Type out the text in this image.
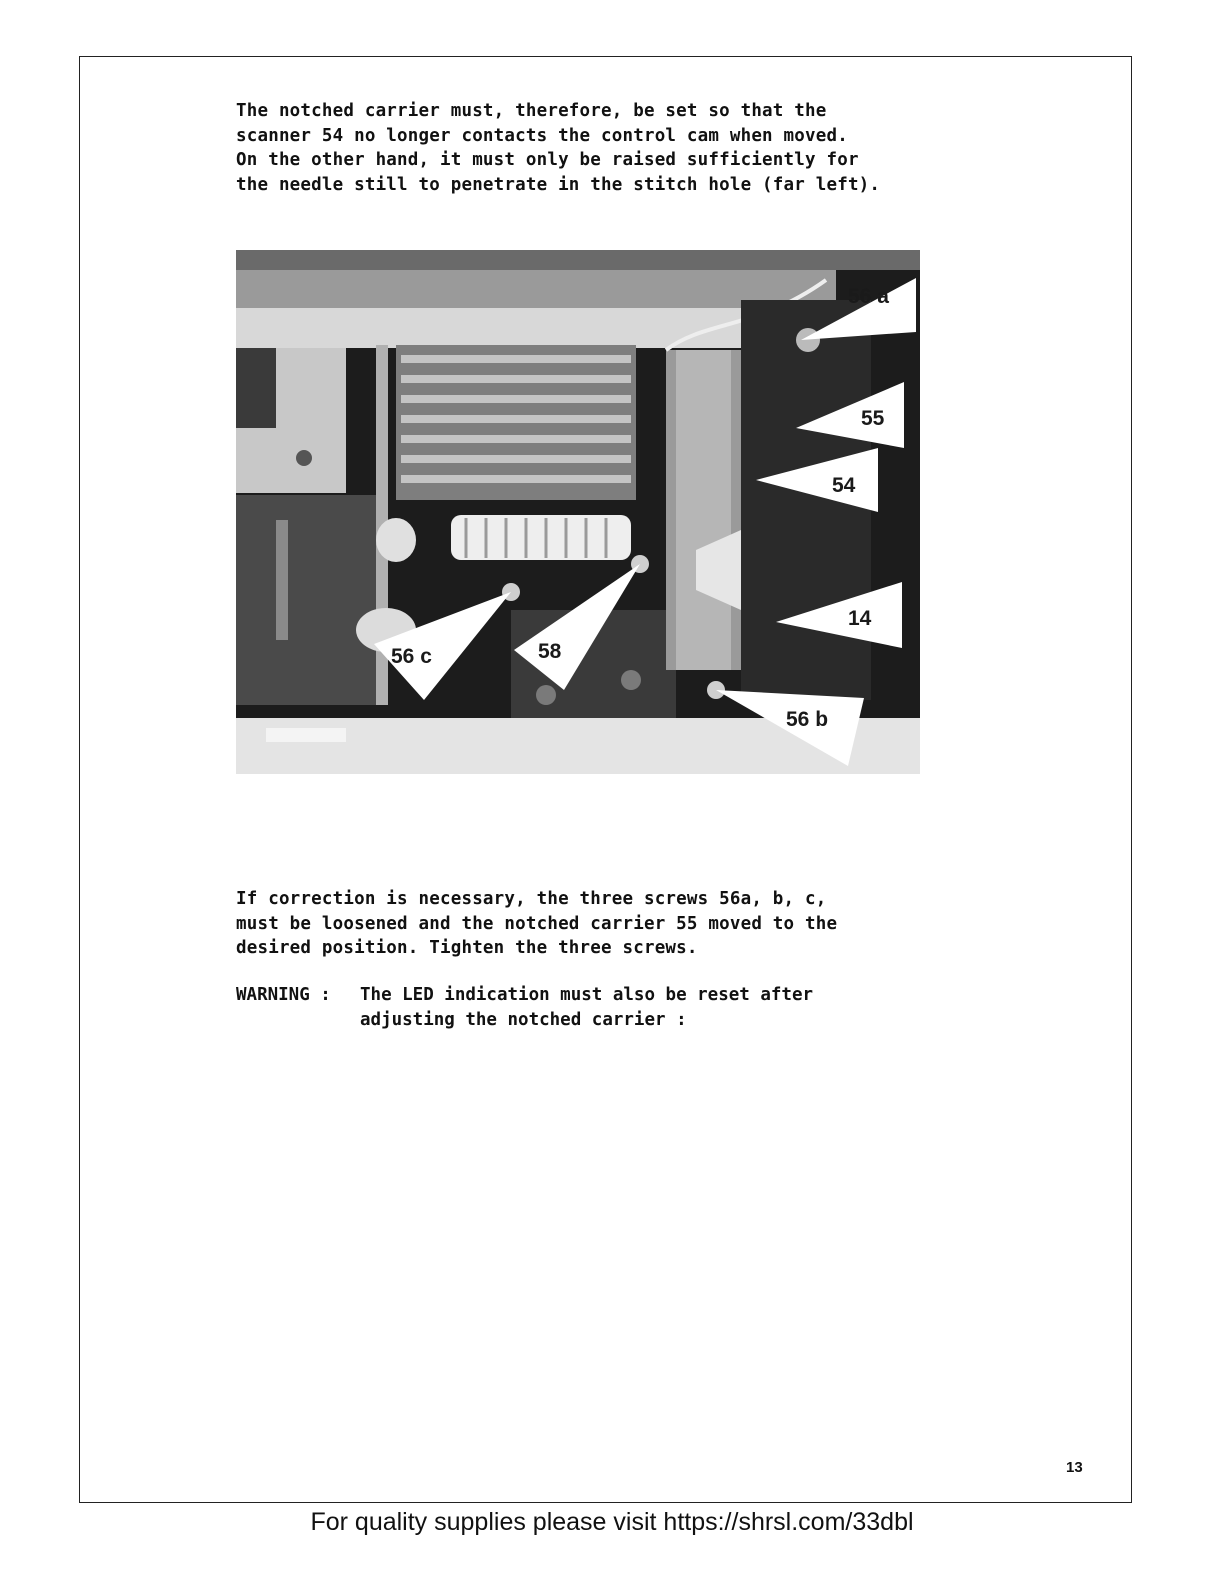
The notched carrier must, therefore, be set so that the
scanner 54 no longer contacts the control cam when moved.
On the other hand, it must only be raised sufficiently for
the needle still to penetrate in the stitch hole (far left).
56 a
55
54
14
58
56 c
56 b
If correction is necessary, the three screws 56a, b, c,
must be loosened and the notched carrier 55 moved to the
desired position. Tighten the three screws.
WARNING : The LED indication must also be reset after
adjusting the notched carrier :
13
For quality supplies please visit https://shrsl.com/33dbl
